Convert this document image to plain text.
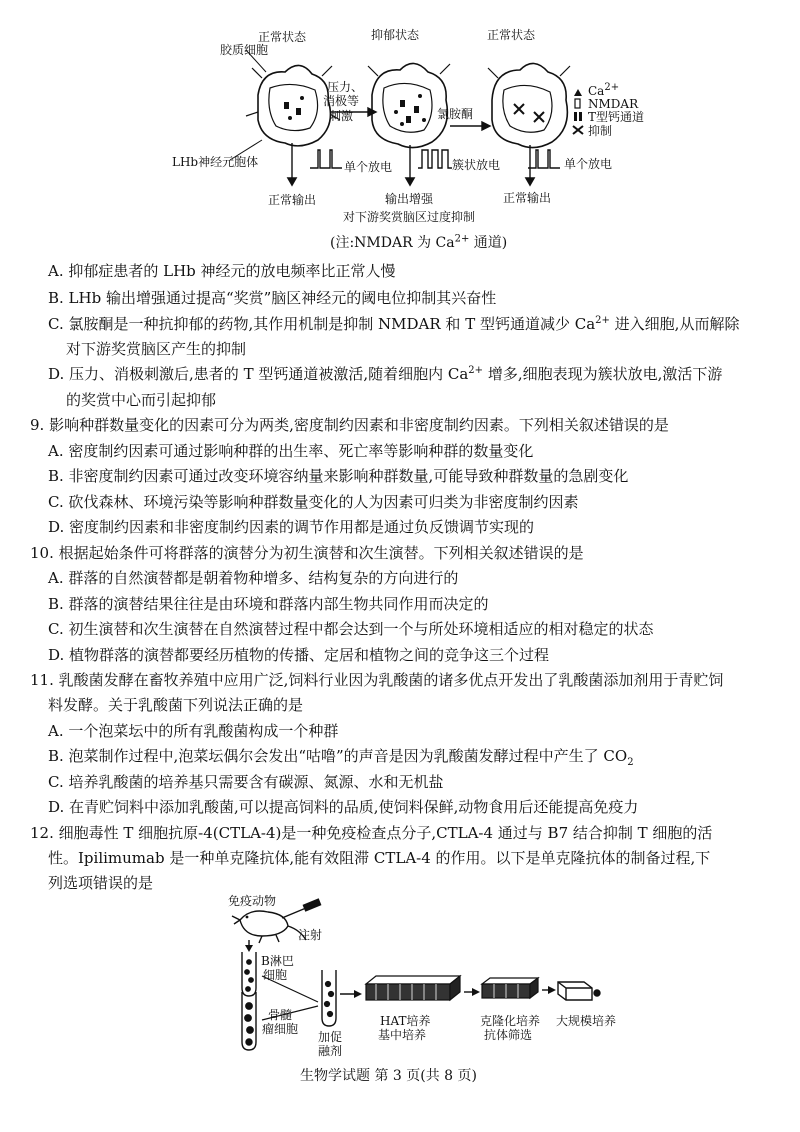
正常状态	抑郁状态	正常状态
胶质细胞
压力、
消极等
刺激	氯胺酮
LHb神经元胞体	单个放电	簇状放电	单个放电
正常输出	输出增强	正常输出
对下游奖赏脑区过度抑制
$Ca^{2+}$
NMDAR
T型钙通道
抑制
(注:NMDAR 为 $Ca^{2+}$ 通道)
A. 抑郁症患者的 LHb 神经元的放电频率比正常人慢
B. LHb 输出增强通过提高“奖赏”脑区神经元的阈电位抑制其兴奋性
C. 氯胺酮是一种抗抑郁的药物,其作用机制是抑制 NMDAR 和 T 型钙通道减少 $Ca^{2+}$ 进入细胞,从而解除
对下游奖赏脑区产生的抑制
D. 压力、消极刺激后,患者的 T 型钙通道被激活,随着细胞内 $Ca^{2+}$ 增多,细胞表现为簇状放电,激活下游
的奖赏中心而引起抑郁
9. 影响种群数量变化的因素可分为两类,密度制约因素和非密度制约因素。下列相关叙述错误的是
A. 密度制约因素可通过影响种群的出生率、死亡率等影响种群的数量变化
B. 非密度制约因素可通过改变环境容纳量来影响种群数量,可能导致种群数量的急剧变化
C. 砍伐森林、环境污染等影响种群数量变化的人为因素可归类为非密度制约因素
D. 密度制约因素和非密度制约因素的调节作用都是通过负反馈调节实现的
10. 根据起始条件可将群落的演替分为初生演替和次生演替。下列相关叙述错误的是
A. 群落的自然演替都是朝着物种增多、结构复杂的方向进行的
B. 群落的演替结果往往是由环境和群落内部生物共同作用而决定的
C. 初生演替和次生演替在自然演替过程中都会达到一个与所处环境相适应的相对稳定的状态
D. 植物群落的演替都要经历植物的传播、定居和植物之间的竞争这三个过程
11. 乳酸菌发酵在畜牧养殖中应用广泛,饲料行业因为乳酸菌的诸多优点开发出了乳酸菌添加剂用于青贮饲
料发酵。关于乳酸菌下列说法正确的是
A. 一个泡菜坛中的所有乳酸菌构成一个种群
B. 泡菜制作过程中,泡菜坛偶尔会发出“咕噜”的声音是因为乳酸菌发酵过程中产生了 $CO_2$
C. 培养乳酸菌的培养基只需要含有碳源、氮源、水和无机盐
D. 在青贮饲料中添加乳酸菌,可以提高饲料的品质,使饲料保鲜,动物食用后还能提高免疫力
12. 细胞毒性 T 细胞抗原-4(CTLA-4)是一种免疫检查点分子,CTLA-4 通过与 B7 结合抑制 T 细胞的活
性。Ipilimumab 是一种单克隆抗体,能有效阻滞 CTLA-4 的作用。以下是单克隆抗体的制备过程,下
列选项错误的是
免疫动物
注射
B淋巴
细胞
骨髓
瘤细胞
加促
融剂
HAT培养
基中培养
克隆化培养
抗体筛选
大规模培养
生物学试题 第 3 页(共 8 页)
